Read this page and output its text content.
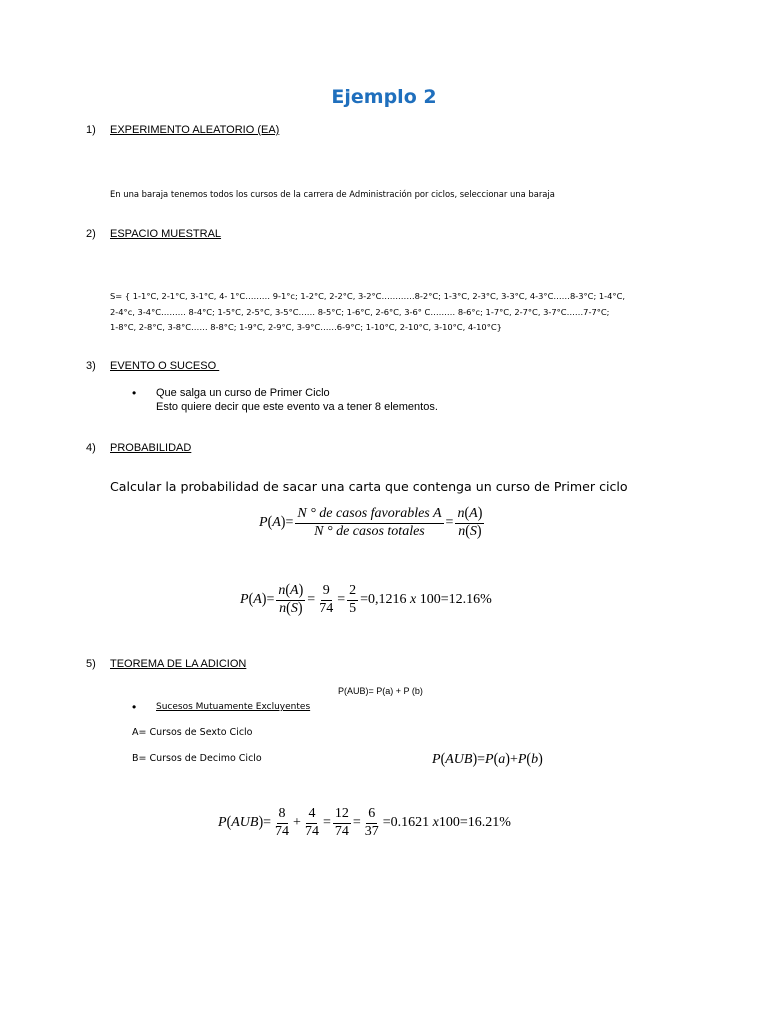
Ejemplo 2
1) EXPERIMENTO ALEATORIO (EA)
En una baraja tenemos todos los cursos de la carrera de Administración por ciclos, seleccionar una baraja
2) ESPACIO MUESTRAL
S= { 1-1°C, 2-1°C, 3-1°C, 4- 1°C……… 9-1°c; 1-2°C, 2-2°C, 3-2°C…………8-2°C; 1-3°C, 2-3°C, 3-3°C, 4-3°C……8-3°C; 1-4°C,
2-4°c, 3-4°C……… 8-4°C; 1-5°C, 2-5°C, 3-5°C…… 8-5°C; 1-6°C, 2-6°C, 3-6° C……… 8-6°c; 1-7°C, 2-7°C, 3-7°C……7-7°C;
1-8°C, 2-8°C, 3-8°C…… 8-8°C; 1-9°C, 2-9°C, 3-9°C……6-9°C; 1-10°C, 2-10°C, 3-10°C, 4-10°C}
3) EVENTO O SUCESO
• Que salga un curso de Primer Ciclo
Esto quiere decir que este evento va a tener 8 elementos.
4) PROBABILIDAD
Calcular la probabilidad de sacar una carta que contenga un curso de Primer ciclo
P ( A ) = $\frac{\text{N ° de casos favorables A}}{\text{N ° de casos totales}} = \frac{n(A)}{n(S)}$
P ( A ) = $\frac{n(A)}{n(S)} = \frac{9}{74} = \frac{2}{5} = 0,1216$
x
100 = 12.16 %
5) TEOREMA DE LA ADICION
P(AUB)= P(a) + P (b)
• Sucesos Mutuamente Excluyentes
A= Cursos de Sexto Ciclo
B= Cursos de Decimo Ciclo	P ( AUB ) = P ( a ) + P ( b )
P ( AUB ) = $\frac{8}{74} + \frac{4}{74} = \frac{12}{74} = \frac{6}{37} = 0.1621$
x 100 = 16.21 %
